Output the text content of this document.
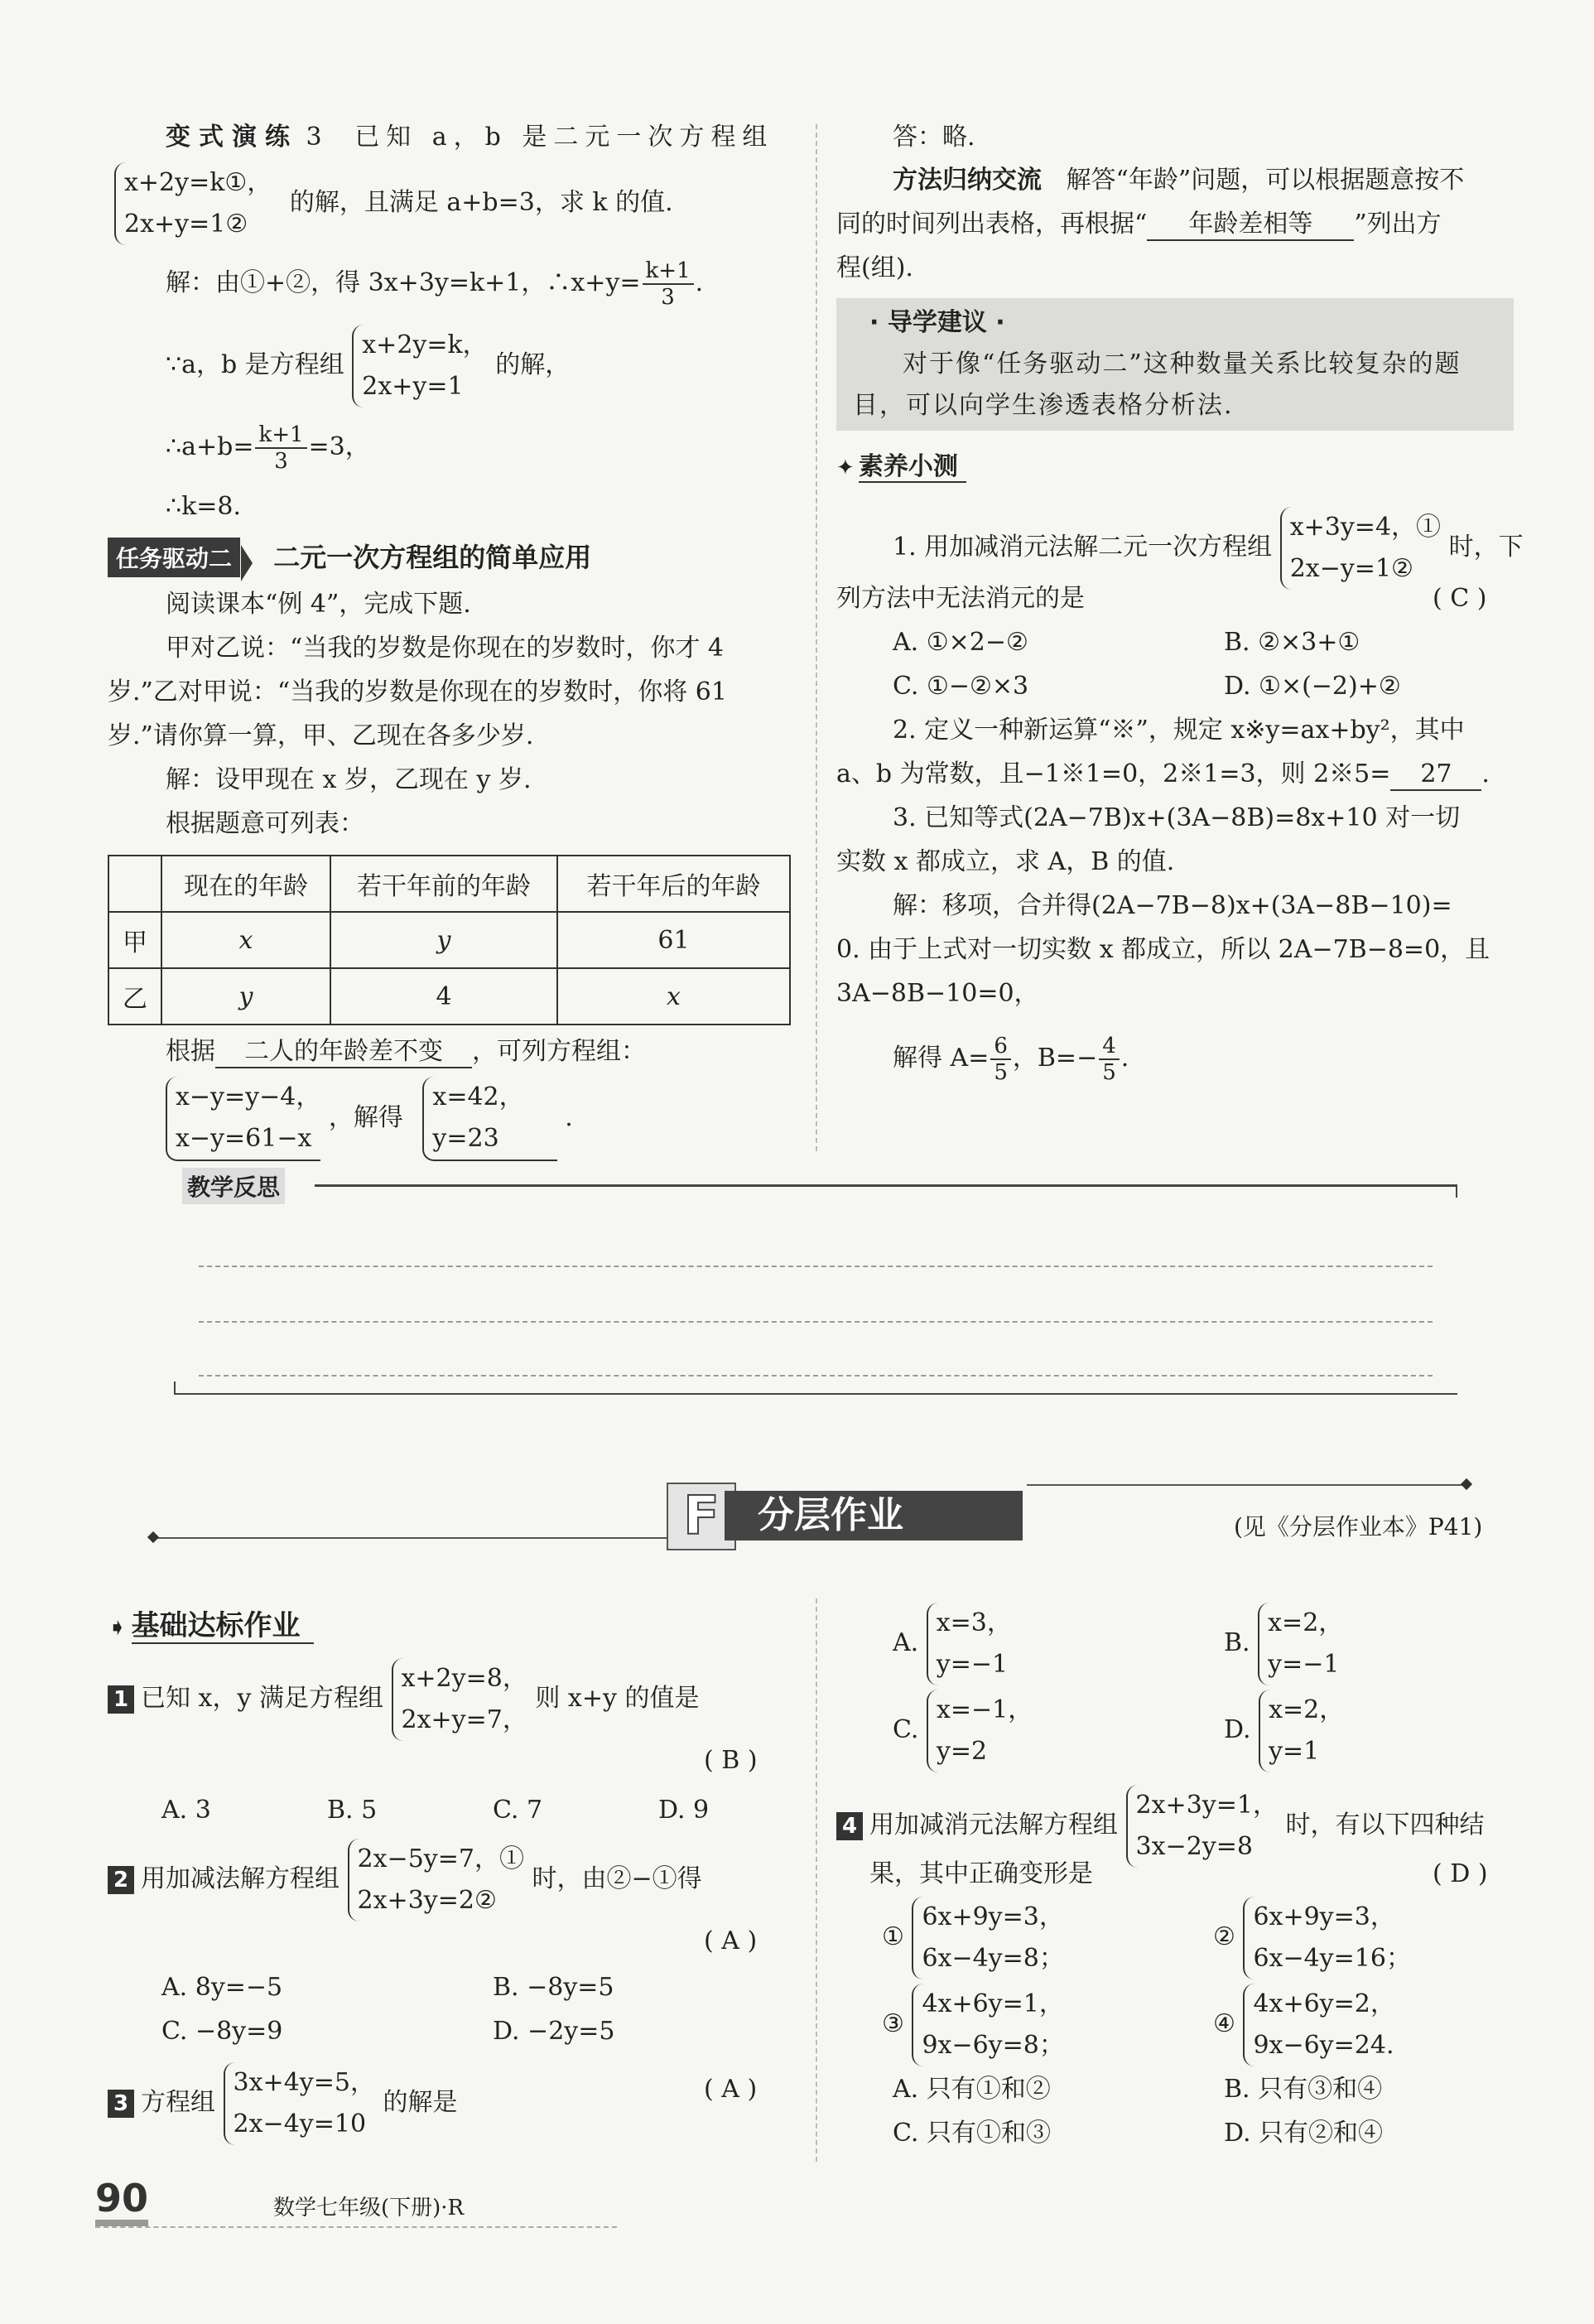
变式演练 3 已知 a，b 是二元一次方程组
x+2y=k①，
2x+y=1②
的解，且满足 a+b=3，求 k 的值.
解：由①+②，得 3x+3y=k+1，∴x+y= $\frac{k+1}{3}$ .
∵a，b 是方程组
x+2y=k，
2x+y=1
的解，
∴a+b= $\frac{k+1}{3} =3$，
∴k=8.
任务驱动二 二元一次方程组的简单应用
阅读课本“例 4”，完成下题.
甲对乙说：“当我的岁数是你现在的岁数时，你才 4
岁.”乙对甲说：“当我的岁数是你现在的岁数时，你将 61
岁.”请你算一算，甲、乙现在各多少岁.
解：设甲现在 x 岁，乙现在 y 岁.
根据题意可列表：
	现在的年龄	若干年前的年龄	若干年后的年龄
甲	x	y	61
乙	y	4	x
根据 二人的年龄差不变 ，可列方程组：
x−y=y−4，
x−y=61−x
，解得
x=42，
y=23
.
答：略.
方法归纳交流 解答“年龄”问题，可以根据题意按不
同的时间列出表格，再根据“ 年龄差相等 ”列出方
程(组).
· 导学建议 ·
对于像“任务驱动二”这种数量关系比较复杂的题
目，可以向学生渗透表格分析法.
✦ 素养小测
1. 用加减消元法解二元一次方程组
x+3y=4，①
2x−y=1②
时，下
列方法中无法消元的是	( C )
A. ①×2−②	B. ②×3+①
C. ①−②×3	D. ①×(−2)+②
2. 定义一种新运算“※”，规定 x※y=ax+by²，其中
a、b 为常数，且−1※1=0，2※1=3，则 2※5= 27 .
3. 已知等式(2A−7B)x+(3A−8B)=8x+10 对一切
实数 x 都成立，求 A，B 的值.
解：移项，合并得(2A−7B−8)x+(3A−8B−10)=
0. 由于上式对一切实数 x 都成立，所以 2A−7B−8=0，且
3A−8B−10=0，
解得 $A= \frac{6}{5}$ ，$B=- \frac{4}{5}$ .
教学反思
F	分层作业	(见《分层作业本》P41)
➧ 基础达标作业
1 已知 x，y 满足方程组
x+2y=8，
2x+y=7，
则 x+y 的值是
( B )
A. 3	B. 5	C. 7	D. 9
2 用加减法解方程组
2x−5y=7，①
2x+3y=2②
时，由②−①得
( A )
A. 8y=−5	B. −8y=5
C. −8y=9	D. −2y=5
3 方程组
3x+4y=5，
2x−4y=10
的解是	( A )
A.
x=3，
y=−1
B.
x=2，
y=−1
C.
x=−1，
y=2
D.
x=2，
y=1
4 用加减消元法解方程组
2x+3y=1，
3x−2y=8
时，有以下四种结
果，其中正确变形是	( D )
①
6x+9y=3，
6x−4y=8；
②
6x+9y=3，
6x−4y=16；
③
4x+6y=1，
9x−6y=8；
④
4x+6y=2，
9x−6y=24.
A. 只有①和②	B. 只有③和④
C. 只有①和③	D. 只有②和④
90	数学七年级(下册)·R
